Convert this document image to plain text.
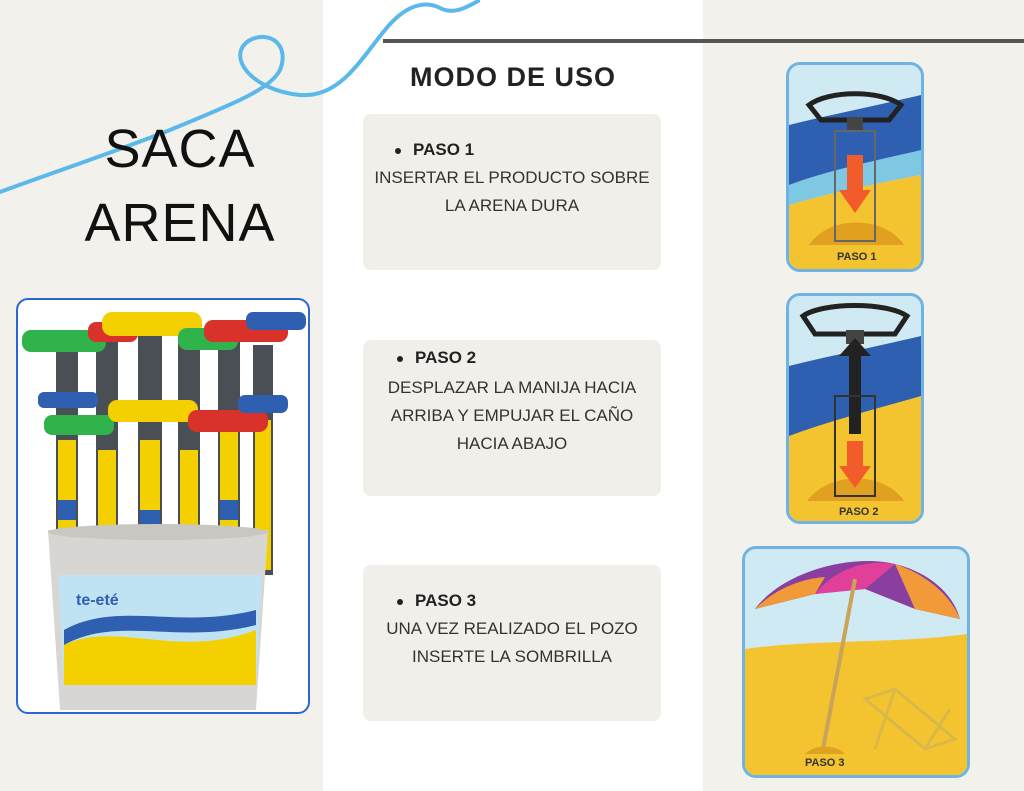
MODO DE USO
SACA
ARENA
te-eté
PASO 1
INSERTAR EL PRODUCTO SOBRE
LA ARENA DURA
PASO 2
DESPLAZAR LA MANIJA HACIA
ARRIBA Y EMPUJAR EL CAÑO
HACIA ABAJO
PASO 3
UNA VEZ REALIZADO EL POZO
INSERTE LA SOMBRILLA
PASO 1
PASO 2
PASO 3
